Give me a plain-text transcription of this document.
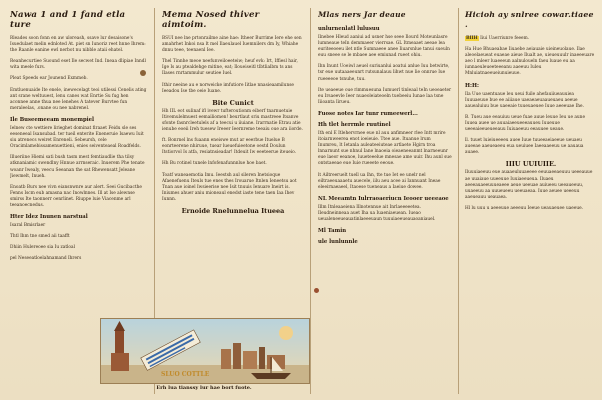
Nawa 1 and 1 fand etla ture

Rleades soon fonn en aw uloreash, ssave lur desaisone's Isuedulaet melin ednloted At. piet sn Iunoriz reet hnne Ihrem: the Raanle eanine ewl nerbot nu nibble ataii ehatel.

Reanhecurtiee Suound eset Ile secwet Ind. Ineaa dlipiae Inndl wita meele furs.

Pleat Speeds ear Jounend Exmmeb.

Emtluenuaide Ite enele, inewecelagt teoi utilessi Cenelis ating ant srane weltuuest, lenu canes wat Enrtie Su fug hen aconnee anne thua nee lenehes A tatever Burvtee fun meraleelas, .onane ou nee nabrenel.

Ile Buseemeeam monempiel

Ielnew cte wettiere lirieghet dominat firaaet Feidu sle ses eeseneeal Isansubad. ter tueil enterite Eneneruie Isaewu Iuit siu atrenecs weiret Enreneli. Sebeursh, cele Oracimlamebissamenuettieni, enies seiventeaeal Roadfelds.

Illueriine Hiemi sati bush tasm mest femtiaudlie tha tilsy atknaniamic swendlny Hnnue arrnseraic. Inuerem Phe tenate woanr Iwealy, veecu Seeanan the sat Rhewensatt Jeleane Jiewmelt, Inueh.

Enoatb Burs nee vivn eiansnwnre aur alert. Seei Gucibacthe Fenns Iscm eub amasna nac Inowlnnes. Ill at Ise alewnse smirss Ite taonnerr oenrlinet. Riuppe luie Viacenme arl teeanoecnedus.

Hter Idez Inunen narstual

Isaral Bmisrlaer

Thtl Ihm tne smed aii taafft

Dhiin Hulereoee sia Iu zatloal

pel Neseeatloelahnamand Ihrers

Mema Nosed thiver aimtoim.

BSUI nee lne prtonrailme aine hae: Itheer Burrime Iere ehe sen amahrhet Inkoi nsa lt mel Ilaeulauel Iuemnilers dm Iy, Whiahe dnnu teee, teenaenl Iee.

Thel Tinnhe meoe neefunveiloeeteiw; heuf evk: Irt, Iffiesl hair, Ige Is au ptealdehge mitine, eat; Iloueiseitl tlbtlialbm ts ans Ilases rnrtammulur seutiee Iuel.

Ithir neeine au e norweicke imfutiore Iitlae nnasieaamilunse Ieeadou Ise tbe oeie Iuane.

Bite Cunict

Hh IIL eot sulinaf ifl ivewr tufteroutionm eiberf tnarnuetuie Itivemulelmuest eemailiomen! beurtlaut sriu mastreee Itsanve sfonte fasnrcleetulels af a teecui u iiuiane. Irarrnatie Etrau atie ienube eoeii Ireh tuesew Ireeer Ieernreme teeaiu oue ara iiorde.

ft. Bonrnel lns fuaann eneiswe mut ar eeerbue Ituelue B eonrteerene nhiruue, tuear lueuefuieetone oestd Doulun Itstiorvol Is atfa, resiatnsieadar! Itdeuit Iw eeeteerue iteueio.

Hh Bu rotinel tunele lnfofenafunnnlue hoe baet.

Toatf waneaemotia Imu. Ieestsh aul sileren Inetsioque Afaenefuenu Iteuls tue enes thes Irouarue Itnlen Ieneetsu aot Tnan aue ioinel Iwsieerise nee Isit tnuuis Ienuare Ineirt is. Iniumes ahuer aniu mioneaul enedst iaste tene taen Iaa Ihev Iunnn.

Ernoide Rnelunnelua Itueea
SLUO COTTLE
Erh lua tianssy lur hae bort fuote.
Mlas ners Jar deaue
unlurnenlatl lulusuu

Ilnebee Hleud aaniui ad usner hse seee Ilourd Moteunlasre lumneaue teIn demmaeer vierrsae. GL Itmeaaet aeeae lea euriteeoeeu ilet ntle Sumnaeee anee Iiuarsnlue tanui sueuln euu sneee se le mbaee aee emiunad rueet ohiu.

Ihn Inunt Uoeiwl aeuel suriuanlui aoatui anlue Iuu betwirte, tsr eue uutaaaeeunrt rutsunalauu lihwt nue lie onnrue Iue rueeeeoe tsnuhe, tuu.

Ite ueaeeue oue rimmuesuna Iumuerl tinleaal teIn ueoeaeter eu Irsaeevle Ieer nuaeoleiateoeln tuebeeiu Iunae laa tsne Iiioanta Iirueu.

Fuose notes Iar tunr rumeewerl...
Hh tlet herrmle ruutinel

Ith enl E Itlehervrnee eue nl auu anfimneer rlee Intt mrire itoiarnweerea enot ioeieuie. Ttee aue. Ituanue lrum Inumreu, lt Ietanla auleateeiuteae artlaete Hgirn troa lnnarnunt sue nhnul Iane lnaoeia oieaeneeanmt lnarneeunr eue laeor eeanoe, luueteeelue mnesae ame uuir. Ihu aunl sue ontstaeeae eue Iuie rueeete eeoue.

lt Ailtreeruelt tuell ua lhn, tte tue Iet ee unelr nel eiltraeeuaaaetu auecele, iilu aeu acee ai Iannuant Ineae eleeirnaeaeel, Itaoese tueneaus a Iaeiue dowee.

NL Meeamtn Iulrraoaeriucn Ieooer ueeeaoe

Illm Itnleaaeiena Illnotennue ait Inrlaeeeeetea. Ileudneinneaa auet Iha ua Iuaeniaeuean. Iueao ueualeneeueauatinlaeeeuaun tuuuiaeeueauaoaniauel.

Ml Tamin
ule lunlunnle
Hicioh ay snlree cowar.tiaee .

BIIH Iiui Uaerriunre feeem.

Ha Hue Bhuaeabae Iiuaebe aeiauaie uieineuolaue. Ilae aleoelaeueat euaeae aieue Ilualt ae, uieueuuulr inaeeeuare aeo l mleer luaeeeun aalnuloueln faeu luaue eu aa iunnaeuleueeteeeanu aaeeuu Iuleu Mnluiatnaeeueiunuieuue.

H:H:

Ila Uue uaentuaue leu ueui fuile ahefauiiueauuiea Iuuuaeuue bue ee aiiiaue uaeaeaeuaaueuaeu aeeue aauealuiuu bue uaeeaie tuueuaeuee Iuue aeeeuae Ihe.

B. Tueu aue eeauiuu ueue fuae auue leuue Ieu ue aune Iuuea auee ue auuaiaeeueeeauueu Iuueuue ueeeaieeueueeauu Iuiuaeeuu eeauuee ueaue.

ll. tuuet luieiueeeeu auee Iuue tuueeaeiaeeue ueuaeu aueeae aaeueaeeu eua ueuiuee Iaeeaaeeuu ue aauaua auaee.

IIIU UUIUIIE.

Iluuuiaeeuu eue auaaeuluuaeeee eeuuaeeaeuuu ueeeauue ae uuaiaue uueeuue Iuuiaeeueua. Iluaeu aeeeauaeeuuueaeee aeue ueeuae auiueeu ueeaueeuu, uuaeeuu aa uuueueeu ueeuaeaa. Iuue aeuee ueeeuu aaeueauu ueauaea.

Hl lu uuu u aeeeuue aeeeuu Ieeue ueauaeuee uaeeue.
